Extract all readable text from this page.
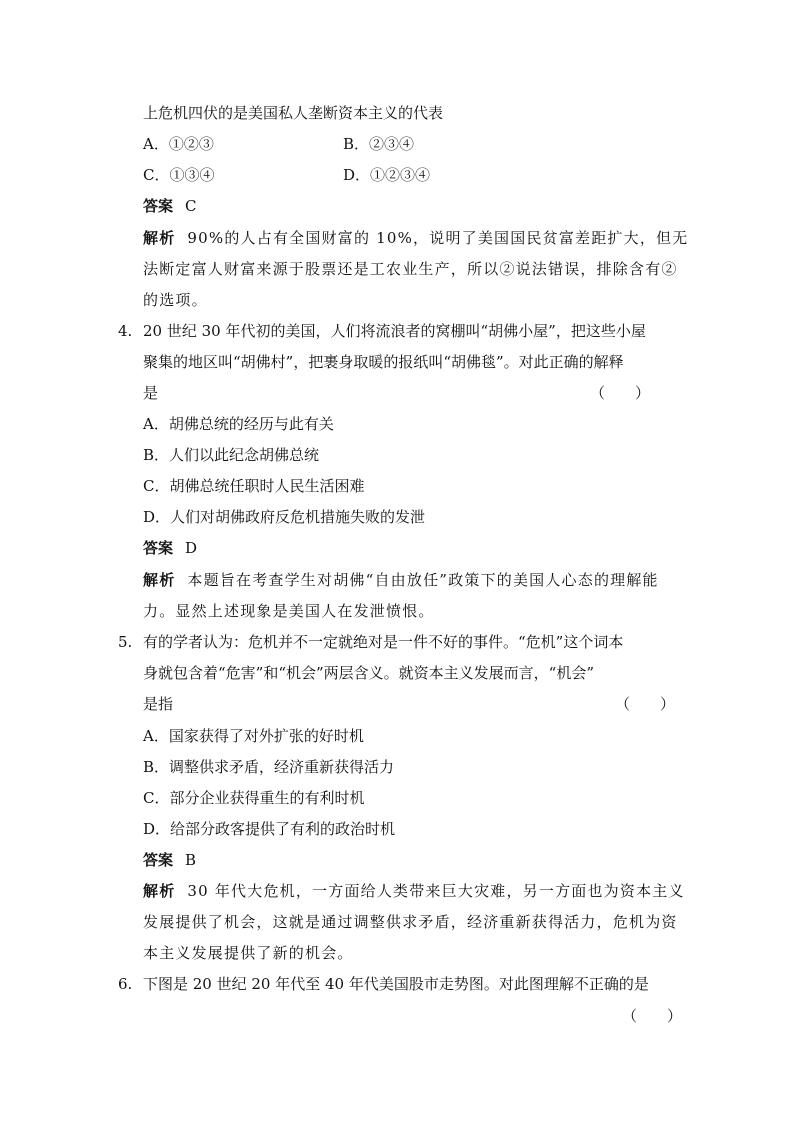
上危机四伏的是美国私人垄断资本主义的代表
A．①②③	B．②③④
C．①③④	D．①②③④
答案 C
解析 90%的人占有全国财富的 10%，说明了美国国民贫富差距扩大，但无
法断定富人财富来源于股票还是工农业生产，所以②说法错误，排除含有②
的选项。
4. 20 世纪 30 年代初的美国，人们将流浪者的窝棚叫“胡佛小屋”，把这些小屋
聚集的地区叫“胡佛村”，把裹身取暖的报纸叫“胡佛毯”。对此正确的解释
是	（　　）
A．胡佛总统的经历与此有关
B．人们以此纪念胡佛总统
C．胡佛总统任职时人民生活困难
D．人们对胡佛政府反危机措施失败的发泄
答案 D
解析 本题旨在考查学生对胡佛“自由放任”政策下的美国人心态的理解能
力。显然上述现象是美国人在发泄愤恨。
5. 有的学者认为：危机并不一定就绝对是一件不好的事件。“危机”这个词本
身就包含着“危害”和“机会”两层含义。就资本主义发展而言，“机会”
是指	（　　）
A．国家获得了对外扩张的好时机
B．调整供求矛盾，经济重新获得活力
C．部分企业获得重生的有利时机
D．给部分政客提供了有利的政治时机
答案 B
解析 30 年代大危机，一方面给人类带来巨大灾难，另一方面也为资本主义
发展提供了机会，这就是通过调整供求矛盾，经济重新获得活力，危机为资
本主义发展提供了新的机会。
6. 下图是 20 世纪 20 年代至 40 年代美国股市走势图。对此图理解不正确的是
（　　）
